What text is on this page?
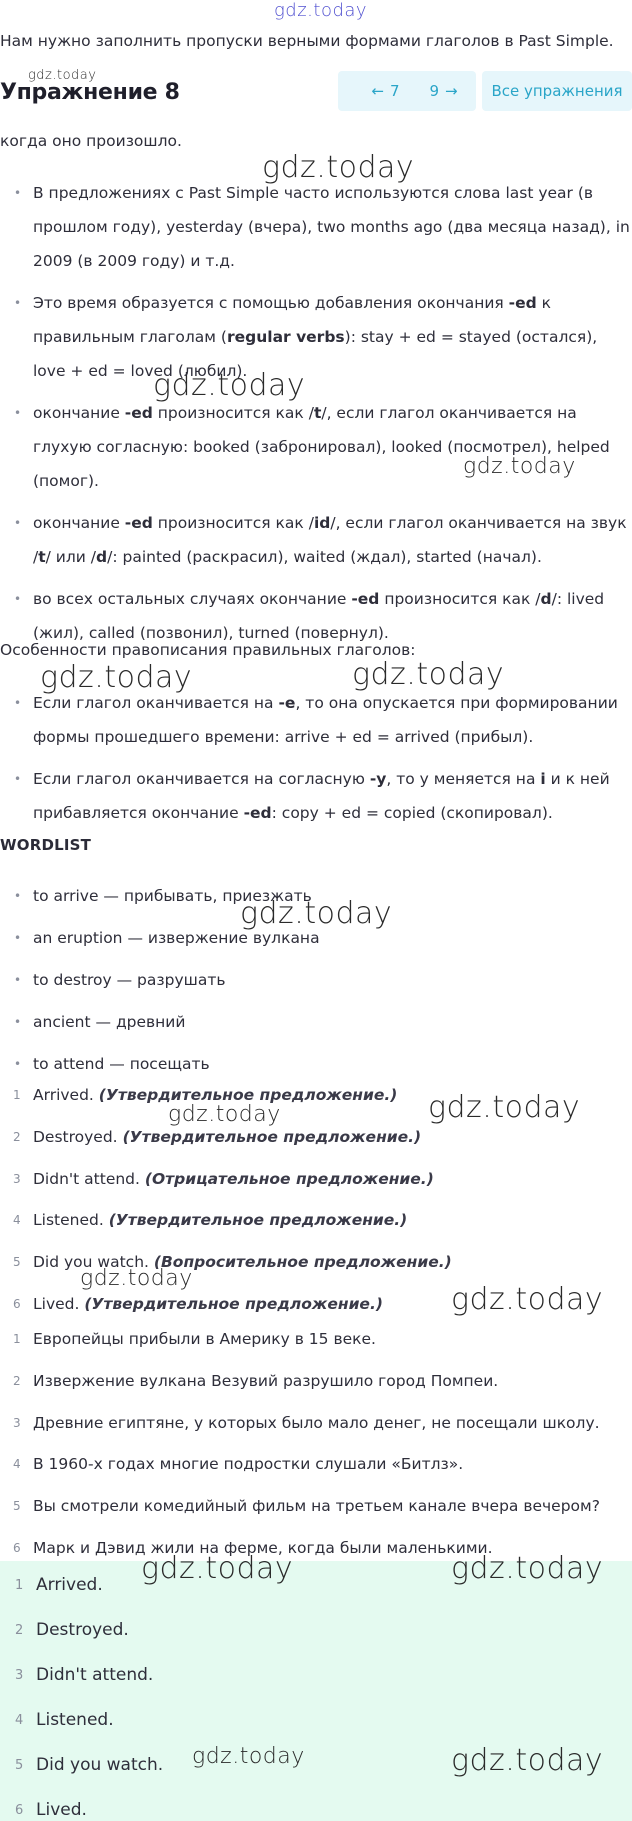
gdz.today
gdz.today
gdz.today
gdz.today
gdz.today
gdz.today	gdz.today
gdz.today
gdz.today
gdz.today
gdz.today
gdz.today
Нам нужно заполнить пропуски верными формами глаголов в Past Simple.
Упражнение 8	← 7 9 →	Все упражнения
когда оно произошло.
• В предложениях с Past Simple часто используются слова last year (в прошлом году), yesterday (вчера), two months ago (два месяца назад), in 2009 (в 2009 году) и т.д.
• Это время образуется с помощью добавления окончания -ed к правильным глаголам (regular verbs): stay + ed = stayed (остался), love + ed = loved (любил).
• окончание -ed произносится как /t/, если глагол оканчивается на глухую согласную: booked (забронировал), looked (посмотрел), helped (помог).
• окончание -ed произносится как /id/, если глагол оканчивается на звук /t/ или /d/: painted (раскрасил), waited (ждал), started (начал).
• во всех остальных случаях окончание -ed произносится как /d/: lived (жил), called (позвонил), turned (повернул).
Особенности правописания правильных глаголов:
• Если глагол оканчивается на -e, то она опускается при формировании формы прошедшего времени: arrive + ed = arrived (прибыл).
• Если глагол оканчивается на согласную -y, то у меняется на i и к ней прибавляется окончание -ed: copy + ed = copied (скопировал).
WORDLIST
• to arrive — прибывать, приезжать
• an eruption — извержение вулкана
• to destroy — разрушать
• ancient — древний
• to attend — посещать
1 Arrived. (Утвердительное предложение.)
2 Destroyed. (Утвердительное предложение.)
3 Didn't attend. (Отрицательное предложение.)
4 Listened. (Утвердительное предложение.)
5 Did you watch. (Вопросительное предложение.)
6 Lived. (Утвердительное предложение.)
1 Европейцы прибыли в Америку в 15 веке.
2 Извержение вулкана Везувий разрушило город Помпеи.
3 Древние египтяне, у которых было мало денег, не посещали школу.
4 В 1960-х годах многие подростки слушали «Битлз».
5 Вы смотрели комедийный фильм на третьем канале вчера вечером?
6 Марк и Дэвид жили на ферме, когда были маленькими.
gdz.today	gdz.today
gdz.today	gdz.today
1 Arrived.
2 Destroyed.
3 Didn't attend.
4 Listened.
5 Did you watch.
6 Lived.
